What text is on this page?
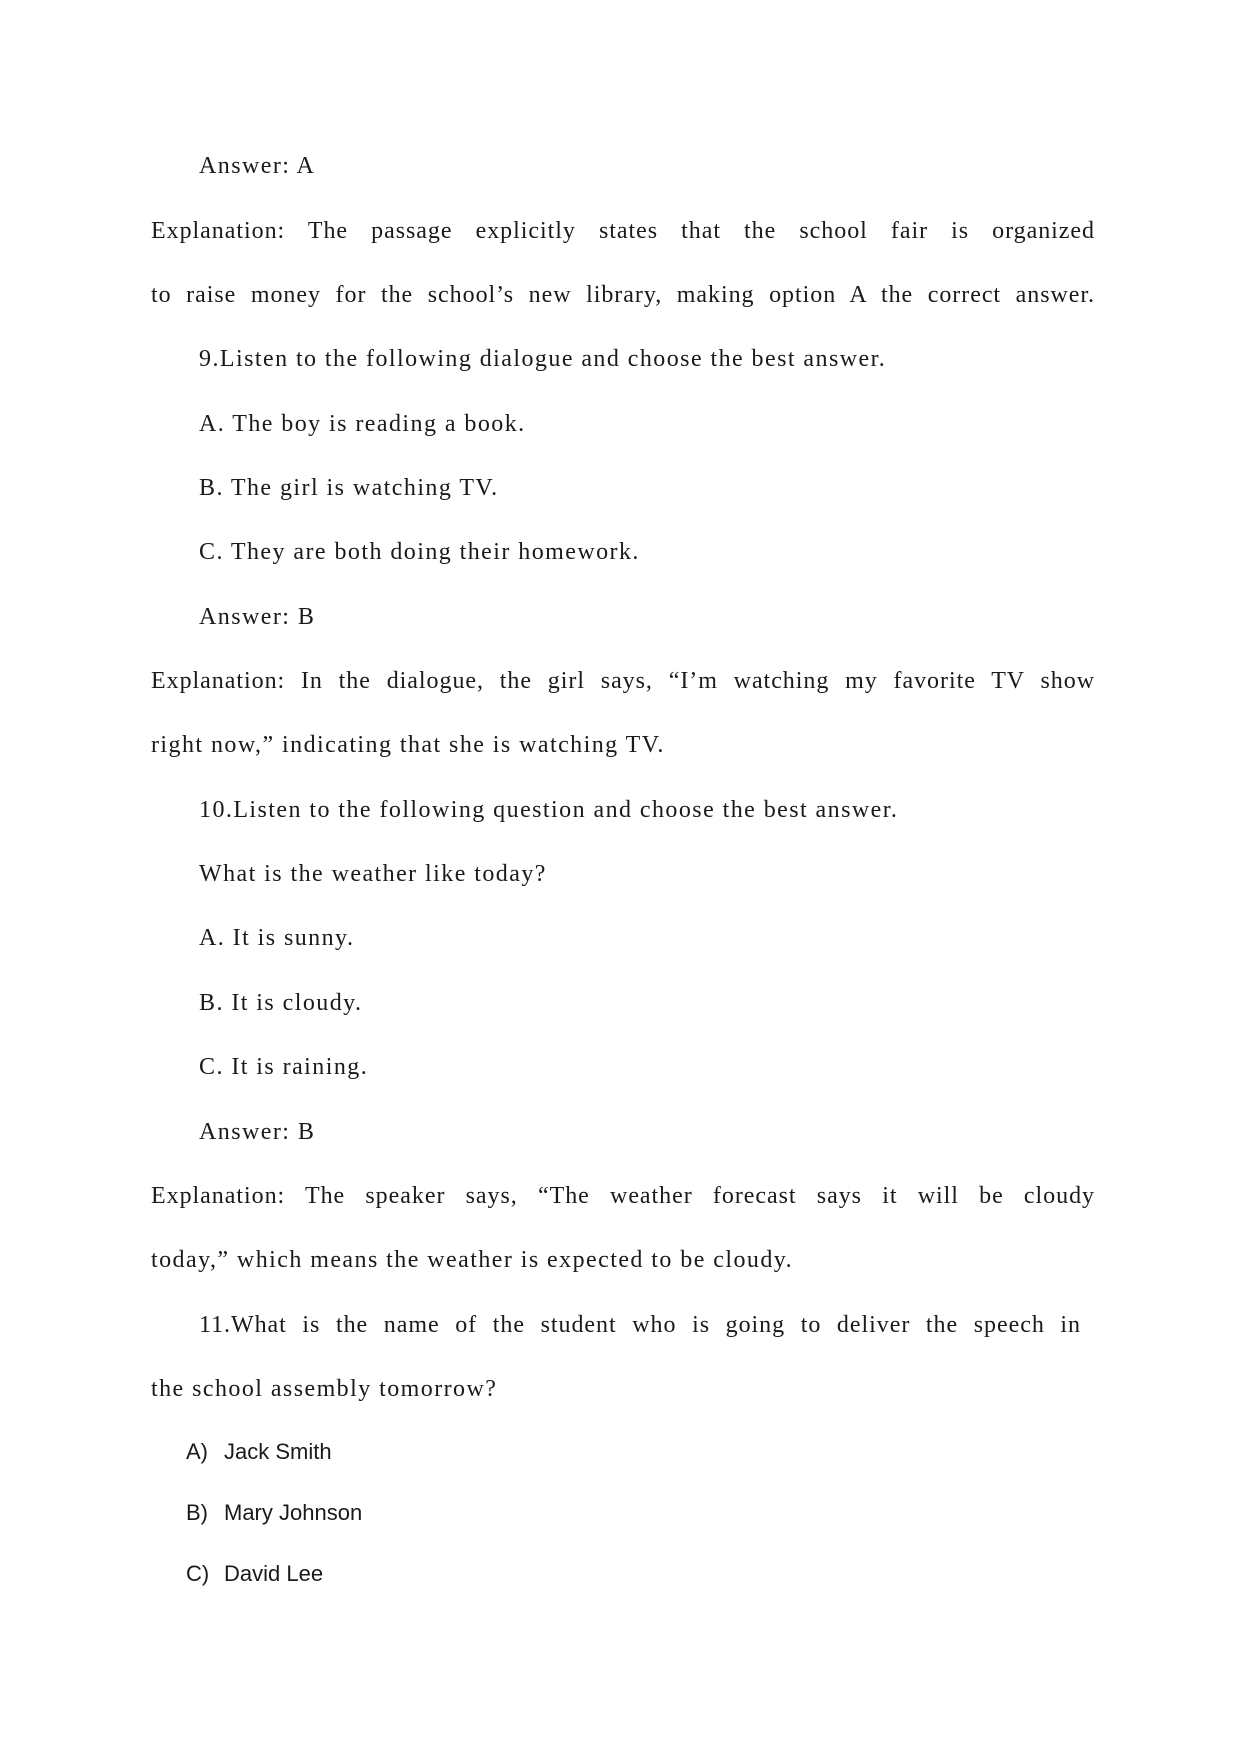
Answer: A
Explanation: The passage explicitly states that the school fair is organized
to raise money for the school’s new library, making option A the correct answer.
9.Listen to the following dialogue and choose the best answer.
A. The boy is reading a book.
B. The girl is watching TV.
C. They are both doing their homework.
Answer: B
Explanation: In the dialogue, the girl says, “I’m watching my favorite TV show
right now,” indicating that she is watching TV.
10.Listen to the following question and choose the best answer.
What is the weather like today?
A. It is sunny.
B. It is cloudy.
C. It is raining.
Answer: B
Explanation: The speaker says, “The weather forecast says it will be cloudy
today,” which means the weather is expected to be cloudy.
11.What is the name of the student who is going to deliver the speech in
the school assembly tomorrow?
A) Jack Smith
B) Mary Johnson
C) David Lee
